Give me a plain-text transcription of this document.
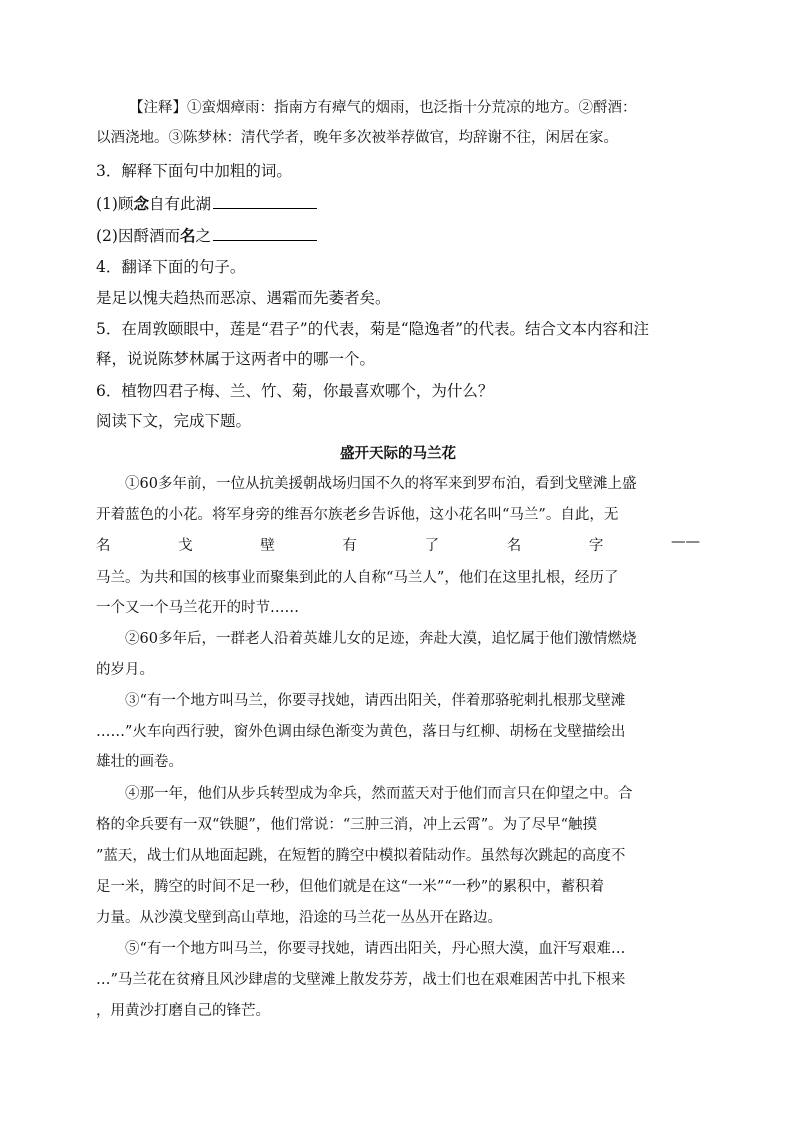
【注释】①蛮烟瘴雨：指南方有瘴气的烟雨，也泛指十分荒凉的地方。②酹酒：
以酒浇地。③陈梦林：清代学者，晚年多次被举荐做官，均辞谢不往，闲居在家。
3．解释下面句中加粗的词。
(1)顾念自有此湖
(2)因酹酒而名之
4．翻译下面的句子。
是足以愧夫趋热而恶凉、遇霜而先萎者矣。
5．在周敦颐眼中，莲是“君子”的代表，菊是“隐逸者”的代表。结合文本内容和注
释，说说陈梦林属于这两者中的哪一个。
6．植物四君子梅、兰、竹、菊，你最喜欢哪个，为什么？
阅读下文，完成下题。
盛开天际的马兰花
①60多年前，一位从抗美援朝战场归国不久的将军来到罗布泊，看到戈壁滩上盛
开着蓝色的小花。将军身旁的维吾尔族老乡告诉他，这小花名叫“马兰”。自此，无
名	戈	壁	有	了	名	字	——
马兰。为共和国的核事业而聚集到此的人自称“马兰人”，他们在这里扎根，经历了
一个又一个马兰花开的时节……
②60多年后，一群老人沿着英雄儿女的足迹，奔赴大漠，追忆属于他们激情燃烧
的岁月。
③“有一个地方叫马兰，你要寻找她，请西出阳关，伴着那骆驼刺扎根那戈壁滩
……”火车向西行驶，窗外色调由绿色渐变为黄色，落日与红柳、胡杨在戈壁描绘出
雄壮的画卷。
④那一年，他们从步兵转型成为伞兵，然而蓝天对于他们而言只在仰望之中。合
格的伞兵要有一双“铁腿”，他们常说：“三肿三消，冲上云霄”。为了尽早“触摸
”蓝天，战士们从地面起跳，在短暂的腾空中模拟着陆动作。虽然每次跳起的高度不
足一米，腾空的时间不足一秒，但他们就是在这“一米”“一秒”的累积中，蓄积着
力量。从沙漠戈壁到高山草地，沿途的马兰花一丛丛开在路边。
⑤“有一个地方叫马兰，你要寻找她，请西出阳关，丹心照大漠，血汗写艰难…
…”马兰花在贫瘠且风沙肆虐的戈壁滩上散发芬芳，战士们也在艰难困苦中扎下根来
，用黄沙打磨自己的锋芒。
